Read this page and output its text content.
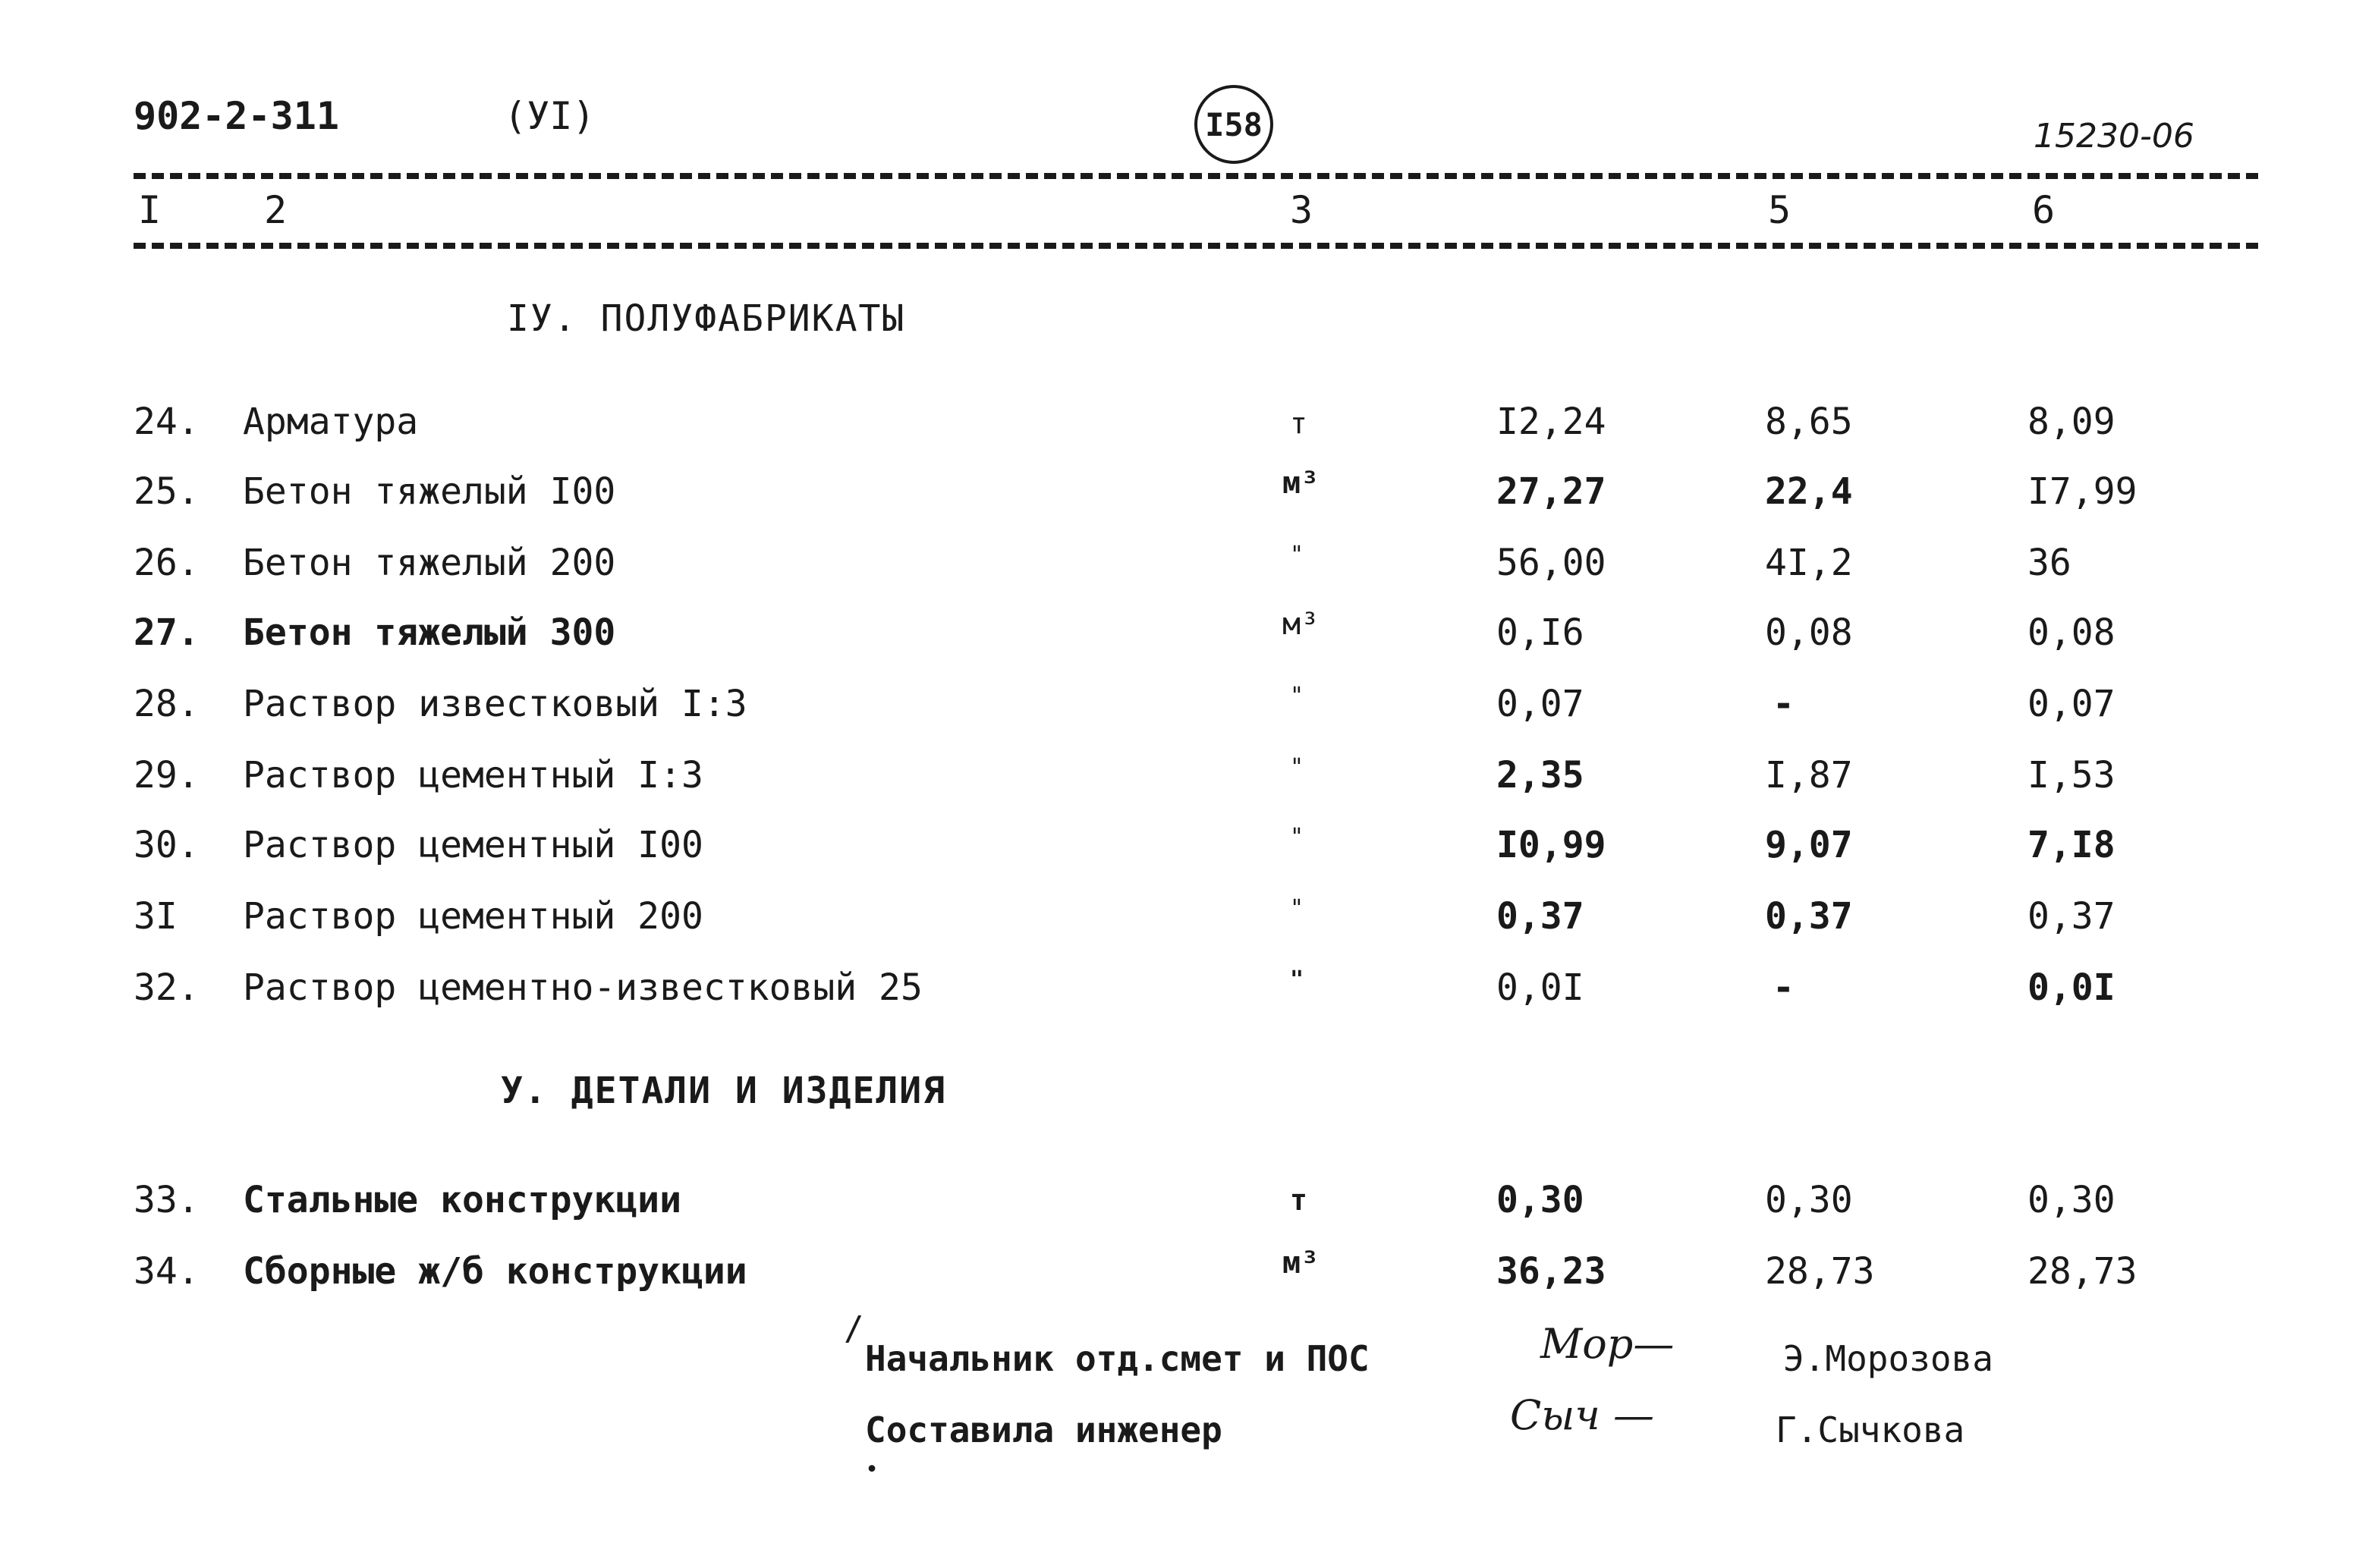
902-2-311	(УI)	I58	15230-06
I	2	3	5	6
IУ. ПОЛУФАБРИКАТЫ
24. Арматура	т	I2,24	8,65	8,09
25. Бетон тяжелый I00	м³	27,27	22,4	I7,99
26. Бетон тяжелый 200	"	56,00	4I,2	36
27. Бетон тяжелый 300	м³	0,I6	0,08	0,08
28. Раствор известковый I:3	"	0,07	-	0,07
29. Раствор цементный I:3	"	2,35	I,87	I,53
30. Раствор цементный I00	"	I0,99	9,07	7,I8
3I Раствор цементный 200	"	0,37	0,37	0,37
32. Раствор цементно-известковый 25	"	0,0I	-	0,0I
У. ДЕТАЛИ И ИЗДЕЛИЯ
33. Стальные конструкции	т	0,30	0,30	0,30
34. Сборные ж/б конструкции	м³	36,23	28,73	28,73
/
Начальник отд.смет и ПОС	Мор—	Э.Морозова
Составила инженер	Сыч —	Г.Сычкова
•
